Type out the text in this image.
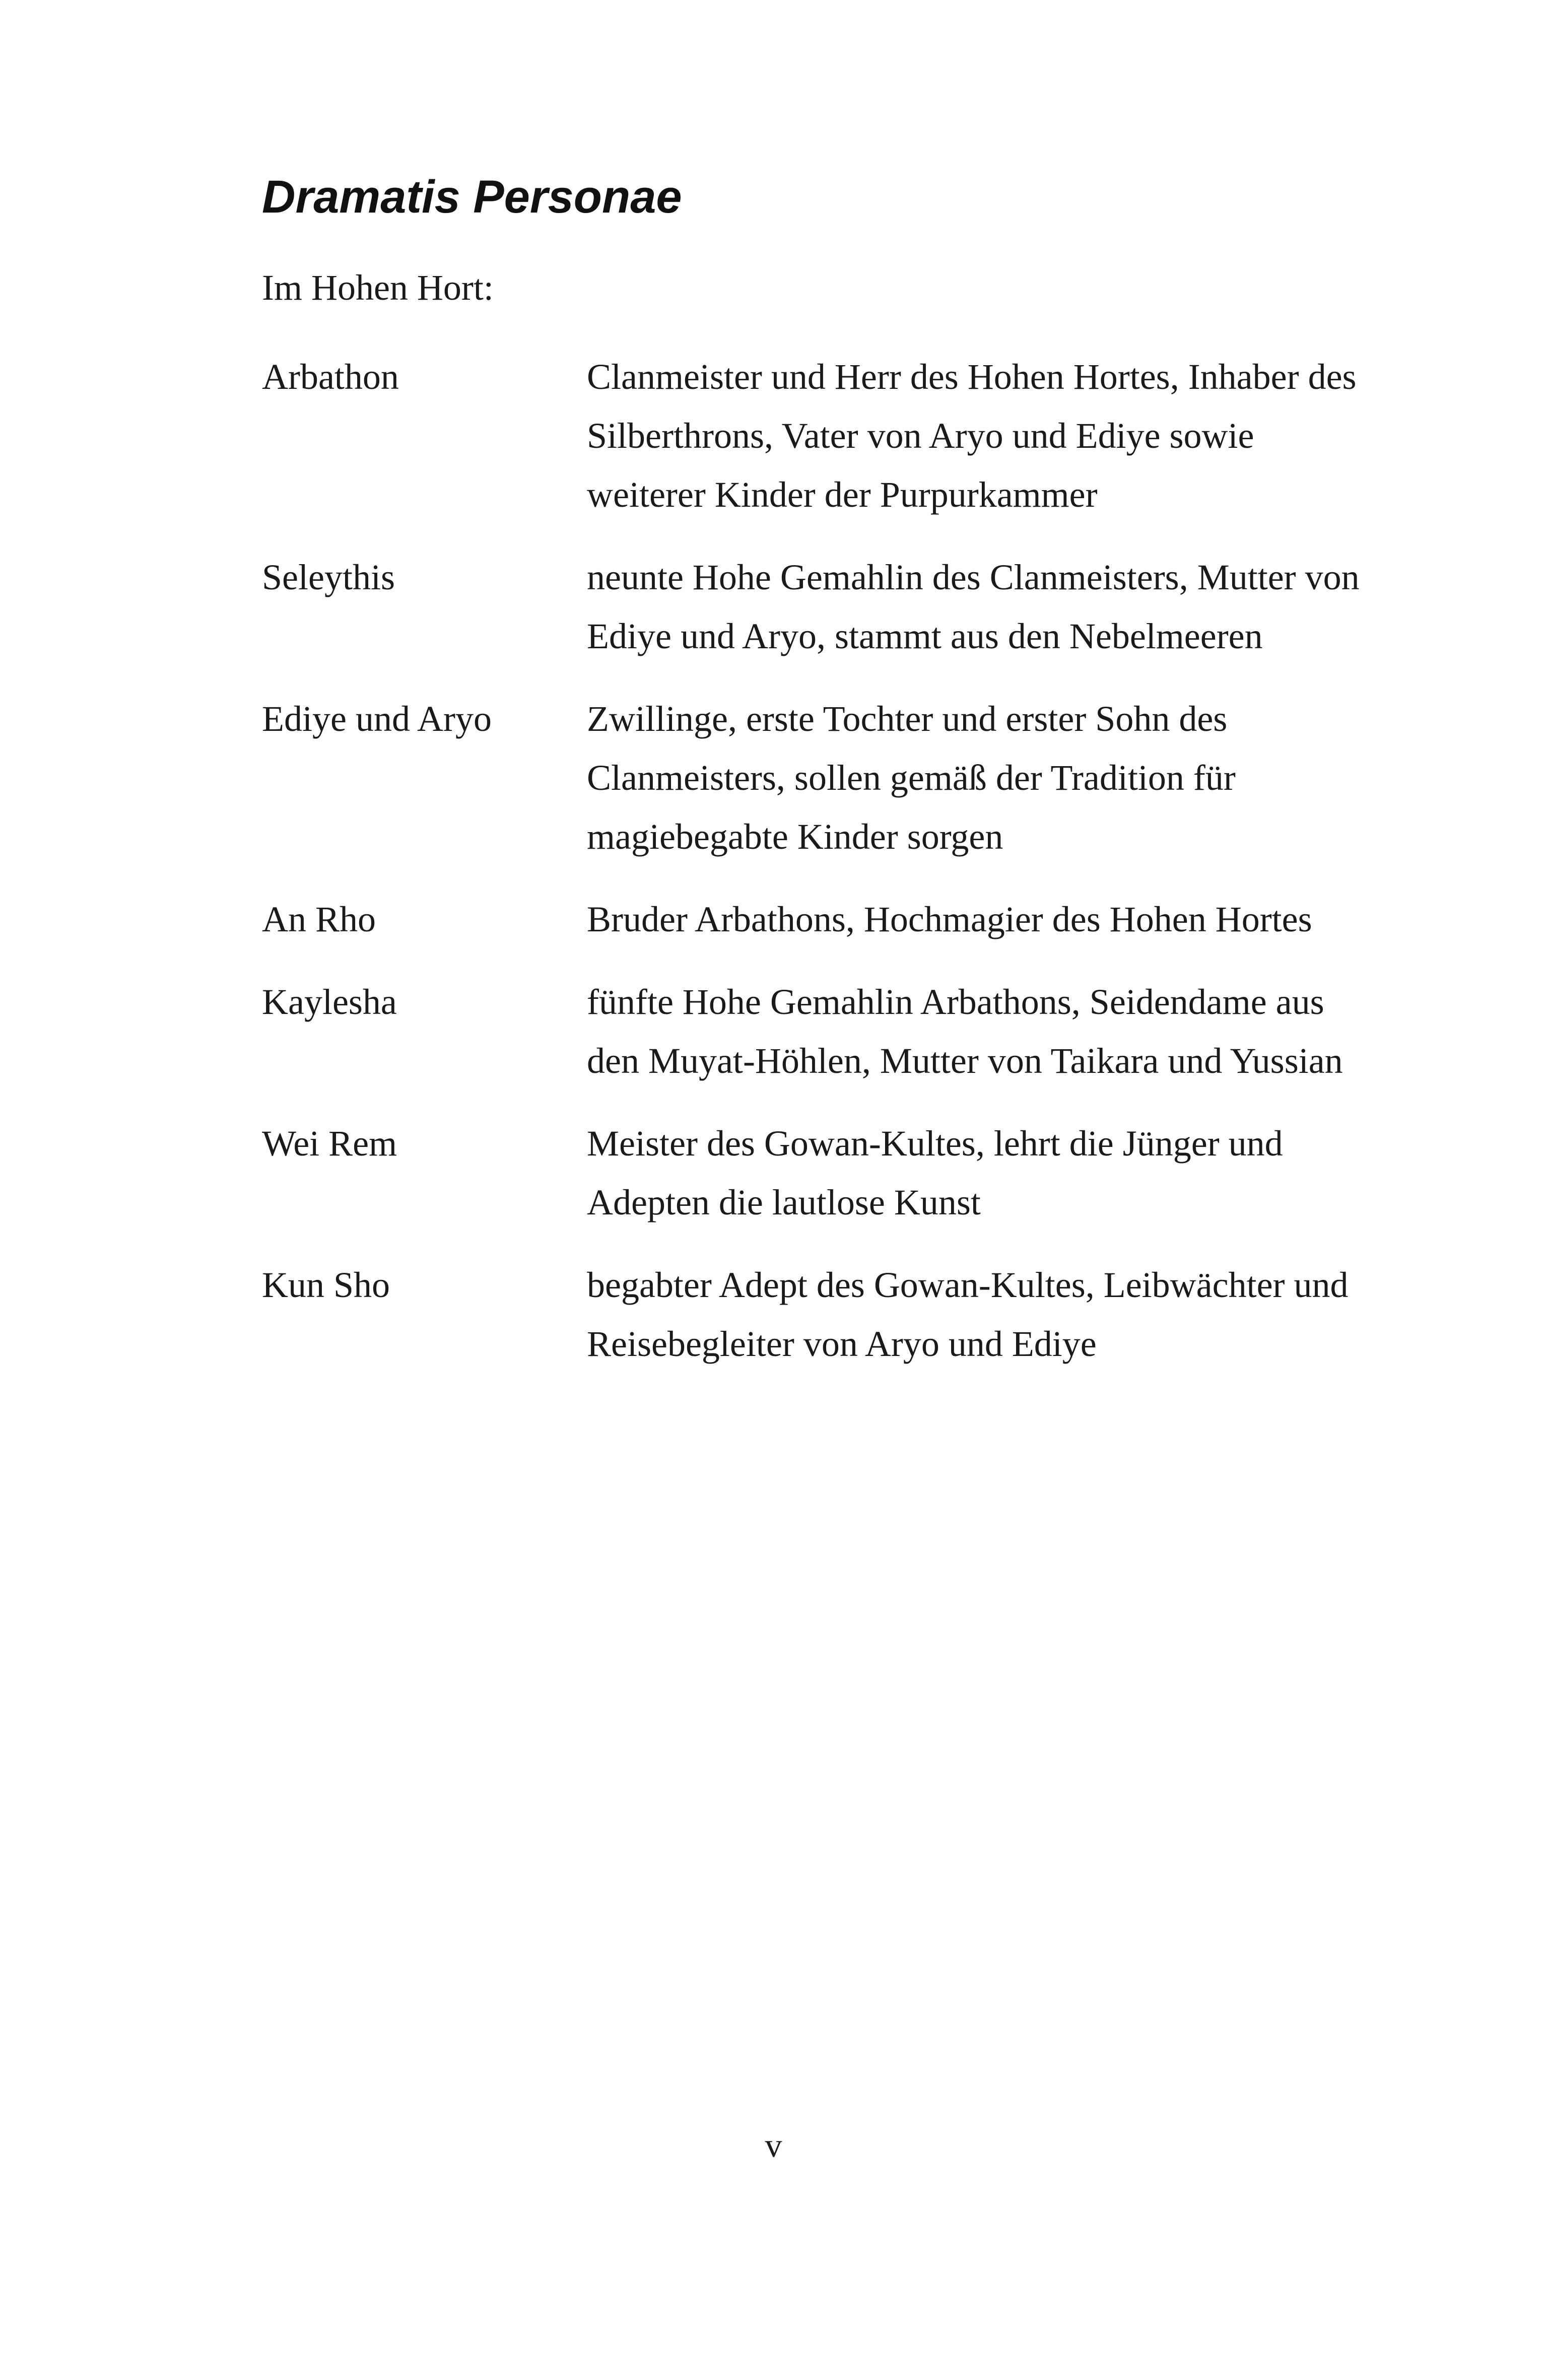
Dramatis Personae
Im Hohen Hort:
Arbathon	Clanmeister und Herr des Hohen Hortes, Inhaber des Silberthrons, Vater von Aryo und Ediye sowie weiterer Kinder der Purpurkammer
Seleythis	neunte Hohe Gemahlin des Clanmeisters, Mutter von Ediye und Aryo, stammt aus den Nebelmeeren
Ediye und Aryo	Zwillinge, erste Tochter und erster Sohn des Clanmeisters, sollen gemäß der Tradition für magiebegabte Kinder sorgen
An Rho	Bruder Arbathons, Hochmagier des Hohen Hortes
Kaylesha	fünfte Hohe Gemahlin Arbathons, Seidendame aus den Muyat-Höhlen, Mutter von Taikara und Yussian
Wei Rem	Meister des Gowan-Kultes, lehrt die Jünger und Adepten die lautlose Kunst
Kun Sho	begabter Adept des Gowan-Kultes, Leibwächter und Reisebegleiter von Aryo und Ediye
v
